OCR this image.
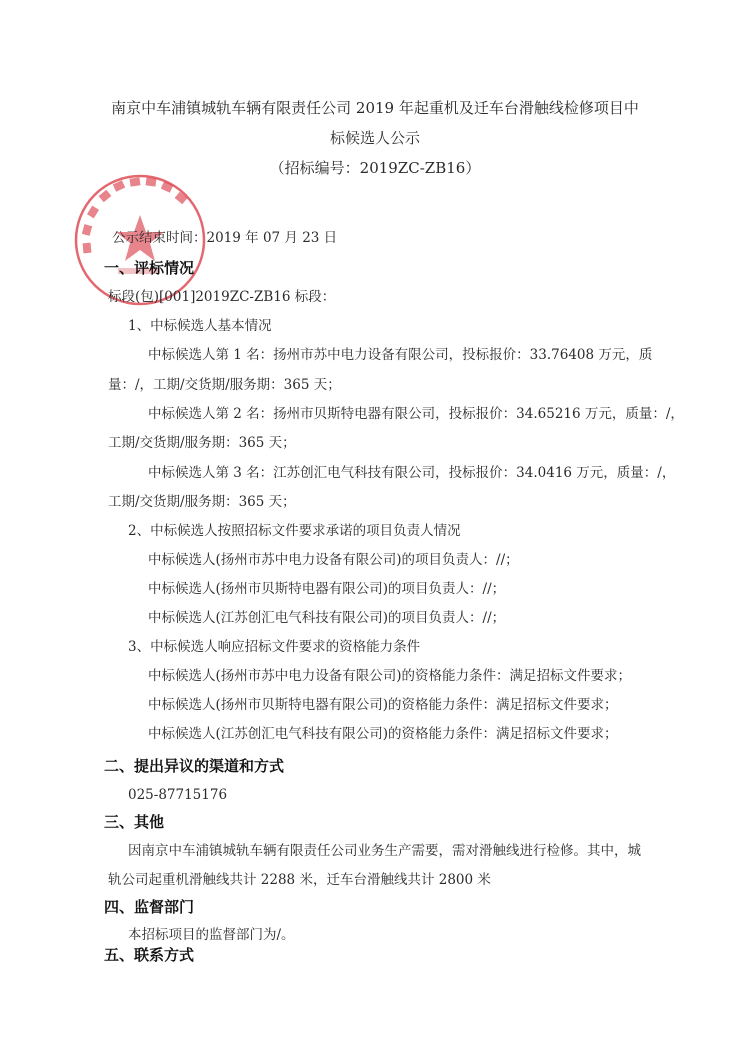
南京中车浦镇城轨车辆有限责任公司 2019 年起重机及迁车台滑触线检修项目中
标候选人公示
（招标编号：2019ZC-ZB16）
公示结束时间：2019 年 07 月 23 日
一、评标情况
标段(包)[001]2019ZC-ZB16 标段：
1、中标候选人基本情况
中标候选人第 1 名：扬州市苏中电力设备有限公司，投标报价：33.76408 万元，质
量：/，工期/交货期/服务期：365 天；
中标候选人第 2 名：扬州市贝斯特电器有限公司，投标报价：34.65216 万元，质量：/，
工期/交货期/服务期：365 天；
中标候选人第 3 名：江苏创汇电气科技有限公司，投标报价：34.0416 万元，质量：/，
工期/交货期/服务期：365 天；
2、中标候选人按照招标文件要求承诺的项目负责人情况
中标候选人(扬州市苏中电力设备有限公司)的项目负责人：//；
中标候选人(扬州市贝斯特电器有限公司)的项目负责人：//；
中标候选人(江苏创汇电气科技有限公司)的项目负责人：//；
3、中标候选人响应招标文件要求的资格能力条件
中标候选人(扬州市苏中电力设备有限公司)的资格能力条件：满足招标文件要求；
中标候选人(扬州市贝斯特电器有限公司)的资格能力条件：满足招标文件要求；
中标候选人(江苏创汇电气科技有限公司)的资格能力条件：满足招标文件要求；
二、提出异议的渠道和方式
025-87715176
三、其他
因南京中车浦镇城轨车辆有限责任公司业务生产需要，需对滑触线进行检修。其中，城
轨公司起重机滑触线共计 2288 米，迁车台滑触线共计 2800 米
四、监督部门
本招标项目的监督部门为/。
五、联系方式
